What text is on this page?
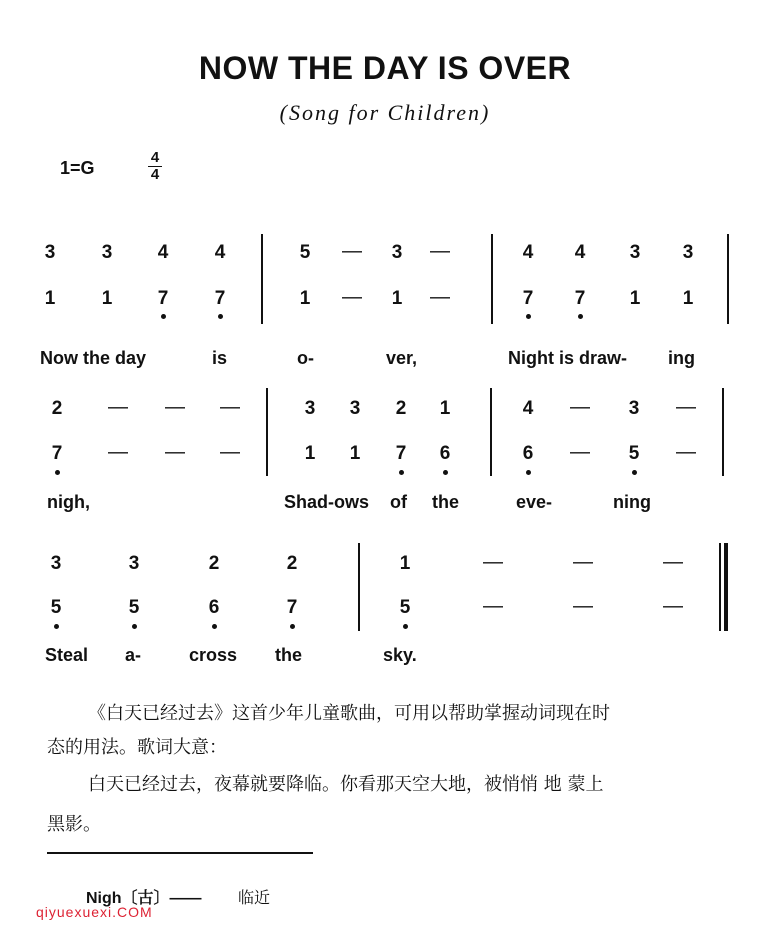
NOW THE DAY IS OVER
(Song for Children)
1=G
4
4
3	3	4	4	5	—	3	—	4	4	3	3
1	1	7	7	1	—	1	—	7	7	1	1
Now the day	is	o-	ver,	Night is draw- ing
2	— — —	3	3	2	1	4	—	3	—
7	— — —	1	1	7	6	6	—	5	—
nigh,	Shad-ows of the	eve-	ning
3	3	2	2	1	—	—	—
5	5	6	7	5	—	—	—
Steal a-	cross the	sky.
《白天已经过去》这首少年儿童歌曲，可用以帮助掌握动词现在时
态的用法。歌词大意：
白天已经过去，夜幕就要降临。你看那天空大地，被悄悄 地 蒙上
黑影。
Nigh〔古〕—— 临近
qiyuexuexi.COM
